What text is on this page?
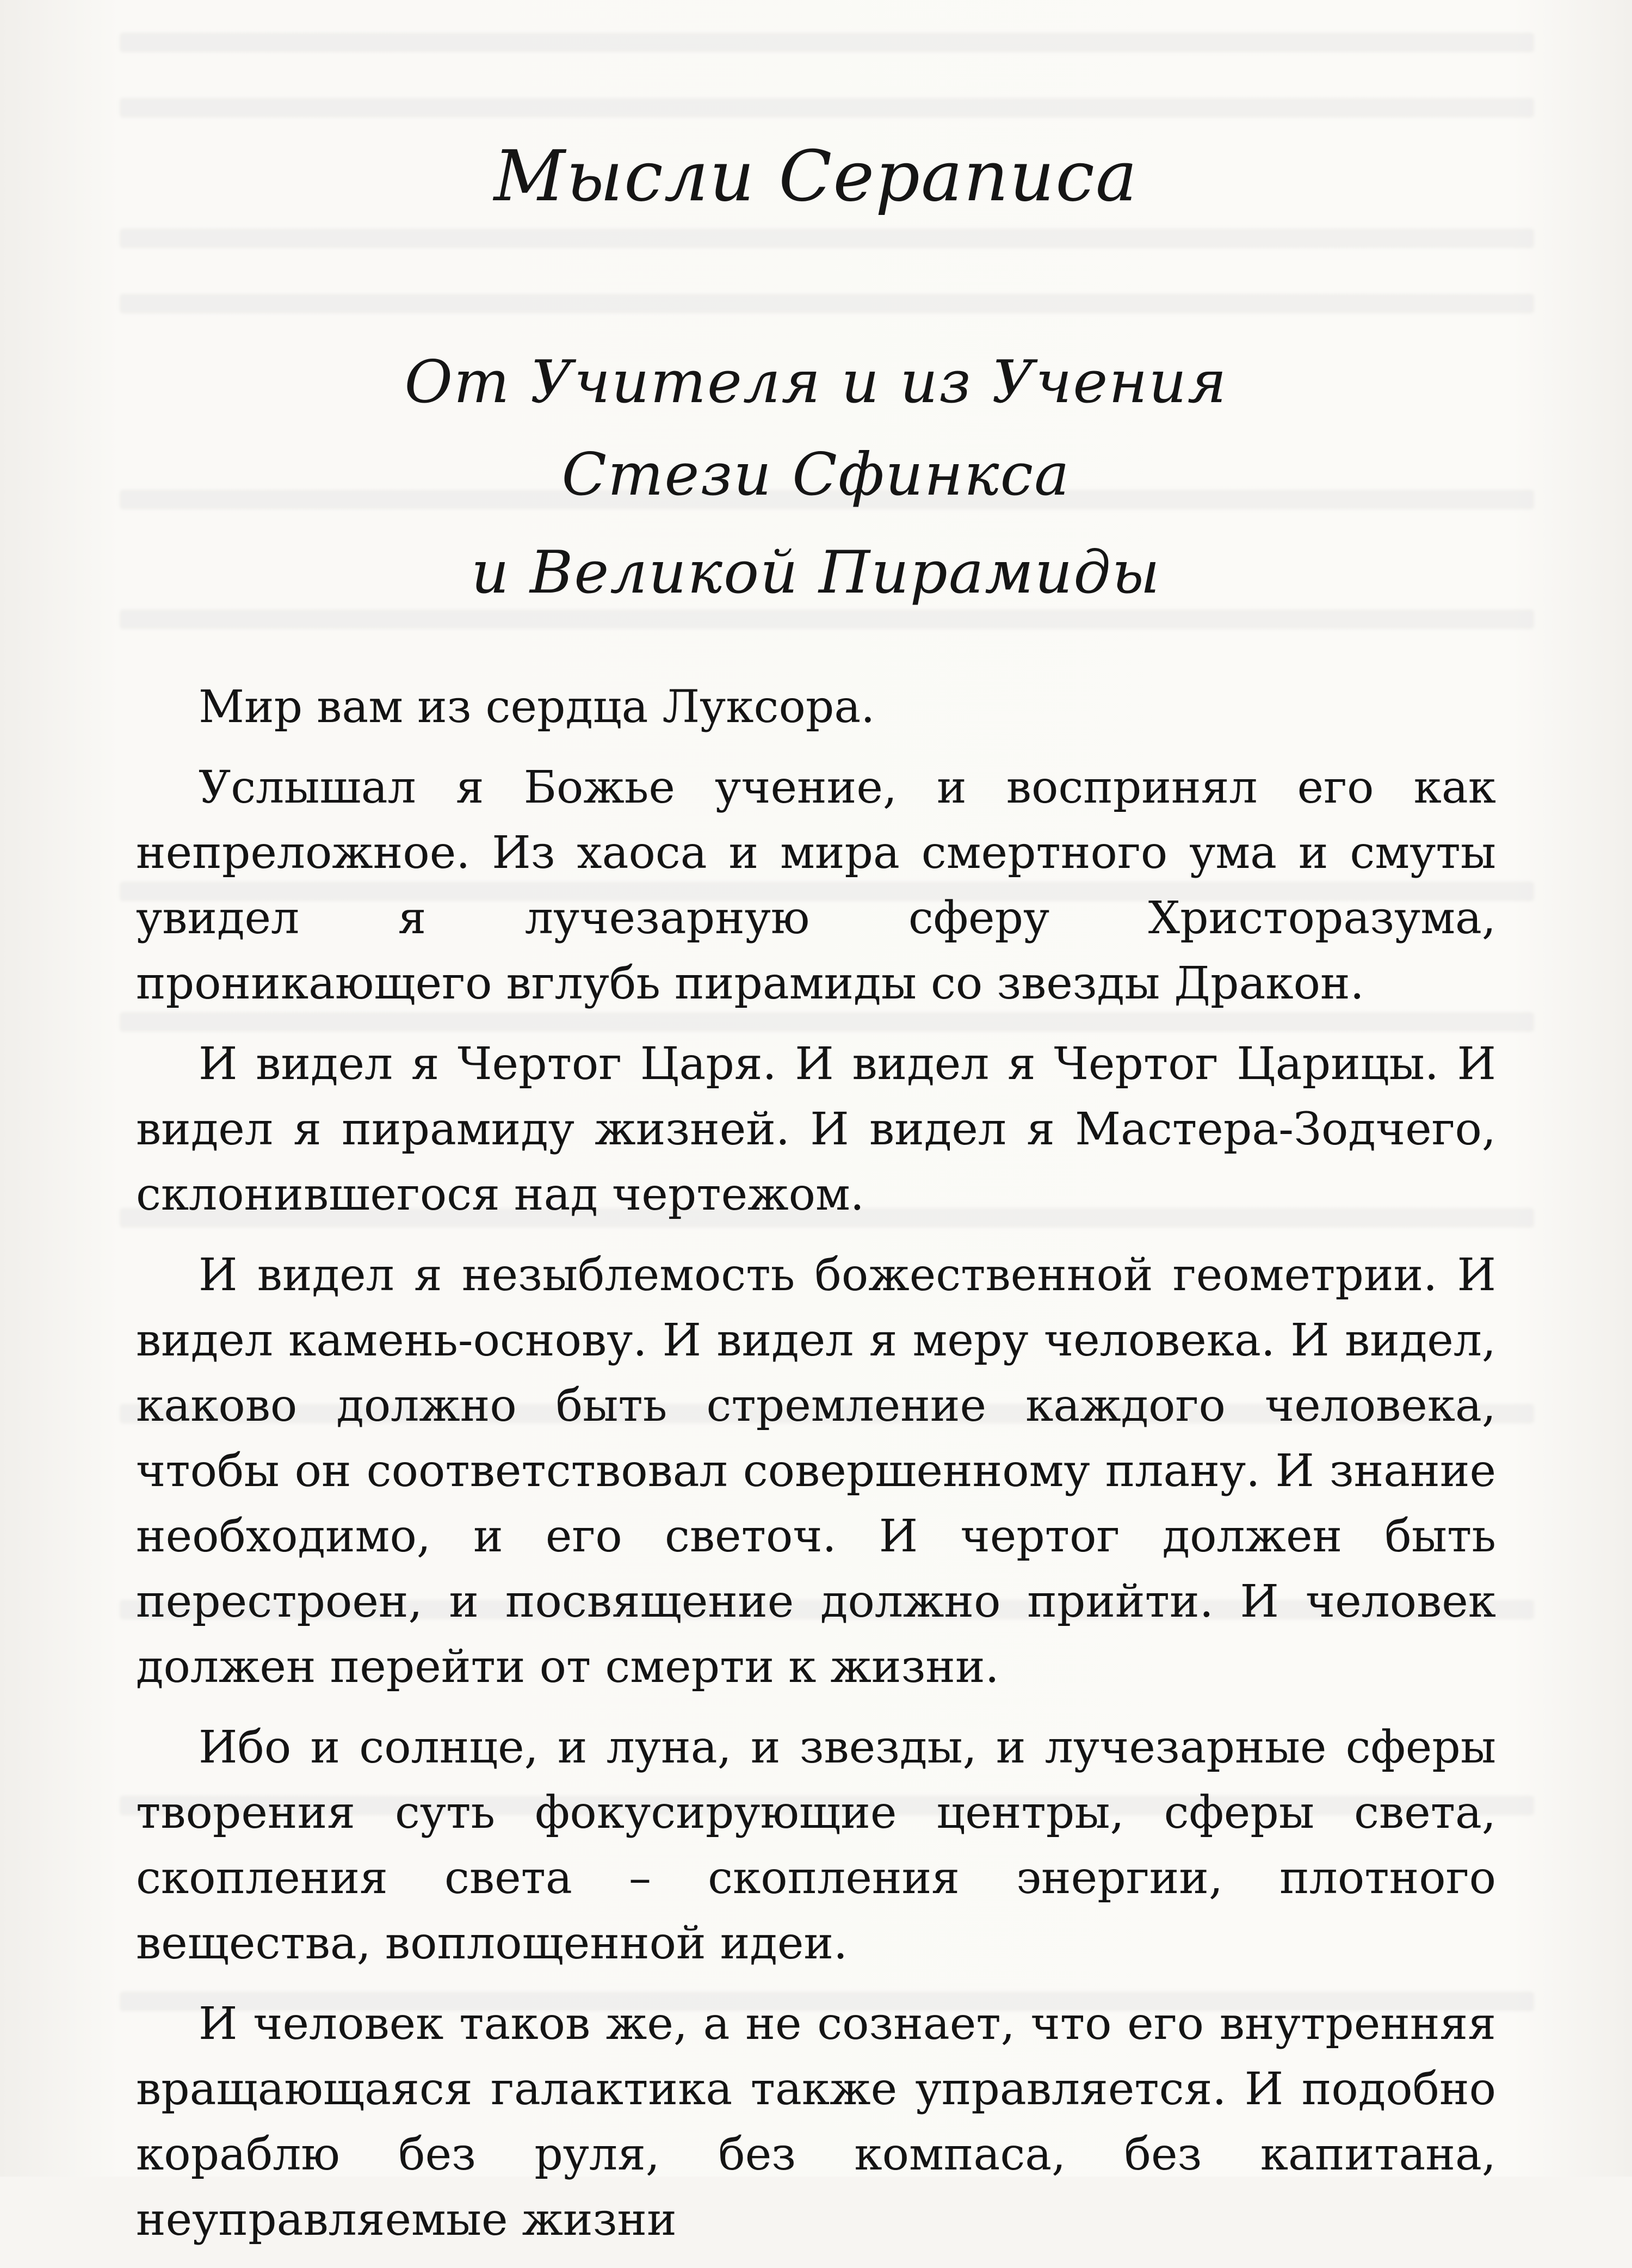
Мысли Сераписа
От Учителя и из Учения
Стези Сфинкса
и Великой Пирамиды

Мир вам из сердца Луксора.

Услышал я Божье учение, и воспринял его как непреложное. Из хаоса и мира смертного ума и смуты увидел я лучезарную сферу Христоразума, проникающего вглубь пирамиды со звезды Дракон.

И видел я Чертог Царя. И видел я Чертог Царицы. И видел я пирамиду жизней. И видел я Мастера-Зодчего, склонившегося над чертежом.

И видел я незыблемость божественной геометрии. И видел камень-основу. И видел я меру человека. И видел, каково должно быть стремление каждого человека, чтобы он соответствовал совершенному плану. И знание необходимо, и его светоч. И чертог должен быть перестроен, и посвящение должно прийти. И человек должен перейти от смерти к жизни.

Ибо и солнце, и луна, и звезды, и лучезарные сферы творения суть фокусирующие центры, сферы света, скопления света – скопления энергии, плотного вещества, воплощенной идеи.

И человек таков же, а не сознает, что его внутренняя вращающаяся галактика также управляется. И подобно кораблю без руля, без компаса, без капитана, неуправляемые жизни
